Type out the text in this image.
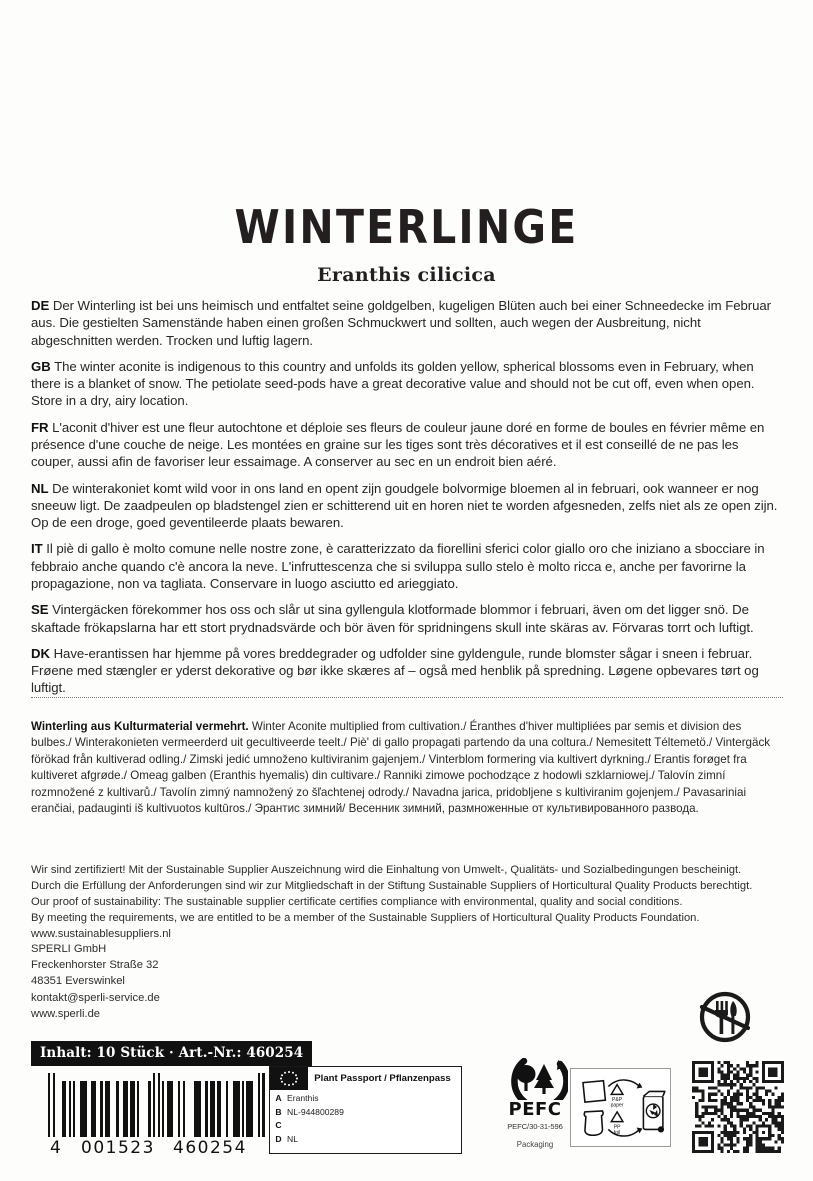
WINTERLINGE
Eranthis cilicica
DE Der Winterling ist bei uns heimisch und entfaltet seine goldgelben, kugeligen Blüten auch bei einer Schneedecke im Februar aus. Die gestielten Samenstände haben einen großen Schmuckwert und sollten, auch wegen der Ausbreitung, nicht abgeschnitten werden. Trocken und luftig lagern.
GB The winter aconite is indigenous to this country and unfolds its golden yellow, spherical blossoms even in February, when there is a blanket of snow. The petiolate seed-pods have a great decorative value and should not be cut off, even when open. Store in a dry, airy location.
FR L'aconit d'hiver est une fleur autochtone et déploie ses fleurs de couleur jaune doré en forme de boules en février même en présence d'une couche de neige. Les montées en graine sur les tiges sont très décoratives et il est conseillé de ne pas les couper, aussi afin de favoriser leur essaimage. A conserver au sec en un endroit bien aéré.
NL De winterakoniet komt wild voor in ons land en opent zijn goudgele bolvormige bloemen al in februari, ook wanneer er nog sneeuw ligt. De zaadpeulen op bladstengel zien er schitterend uit en horen niet te worden afgesneden, zelfs niet als ze open zijn. Op de een droge, goed geventileerde plaats bewaren.
IT Il piè di gallo è molto comune nelle nostre zone, è caratterizzato da fiorellini sferici color giallo oro che iniziano a sbocciare in febbraio anche quando c'è ancora la neve. L'infruttescenza che si sviluppa sullo stelo è molto ricca e, anche per favorirne la propagazione, non va tagliata. Conservare in luogo asciutto ed arieggiato.
SE Vintergäcken förekommer hos oss och slår ut sina gyllengula klotformade blommor i februari, även om det ligger snö. De skaftade frökapslarna har ett stort prydnadsvärde och bör även för spridningens skull inte skäras av. Förvaras torrt och luftigt.
DK Have-erantissen har hjemme på vores breddegrader og udfolder sine gyldengule, runde blomster sågar i sneen i februar. Frøene med stængler er yderst dekorative og bør ikke skæres af – også med henblik på spredning. Løgene opbevares tørt og luftigt.
Winterling aus Kulturmaterial vermehrt. Winter Aconite multiplied from cultivation./ Éranthes d'hiver multipliées par semis et division des bulbes./ Winterakonieten vermeerderd uit gecultiveerde teelt./ Piè' di gallo propagati partendo da una coltura./ Nemesitett Téltemetö./ Vintergäck förökad från kultiverad odling./ Zimski jedić umnoženo kultiviranim gajenjem./ Vinterblom formering via kultivert dyrkning./ Erantis forøget fra kultiveret afgrøde./ Omeag galben (Eranthis hyemalis) din cultivare./ Ranniki zimowe pochodzące z hodowli szklarniowej./ Talovín zimní rozmnožené z kultivarů./ Tavolín zimný namnožený zo šľachtenej odrody./ Navadna jarica, pridobljene s kultiviranim gojenjem./ Pavasariniai erančiai, padauginti iš kultivuotos kultūros./ Эрантис зимний/ Весенник зимний, размноженные от культивированного развода.
Wir sind zertifiziert! Mit der Sustainable Supplier Auszeichnung wird die Einhaltung von Umwelt-, Qualitäts- und Sozialbedingungen bescheinigt.
Durch die Erfüllung der Anforderungen sind wir zur Mitgliedschaft in der Stiftung Sustainable Suppliers of Horticultural Quality Products berechtigt.
Our proof of sustainability: The sustainable supplier certificate certifies compliance with environmental, quality and social conditions.
By meeting the requirements, we are entitled to be a member of the Sustainable Suppliers of Horticultural Quality Products Foundation.
www.sustainablesuppliers.nl
SPERLI GmbH
Freckenhorster Straße 32
48351 Everswinkel
kontakt@sperli-service.de
www.sperli.de
Inhalt: 10 Stück · Art.-Nr.: 460254
4	001523	460254
Plant Passport / Pflanzenpass
A Eranthis
B NL-944800289
C
D NL
PEFC
PEFC/30-31-596
Packaging
P&P
paper
PP
foil
